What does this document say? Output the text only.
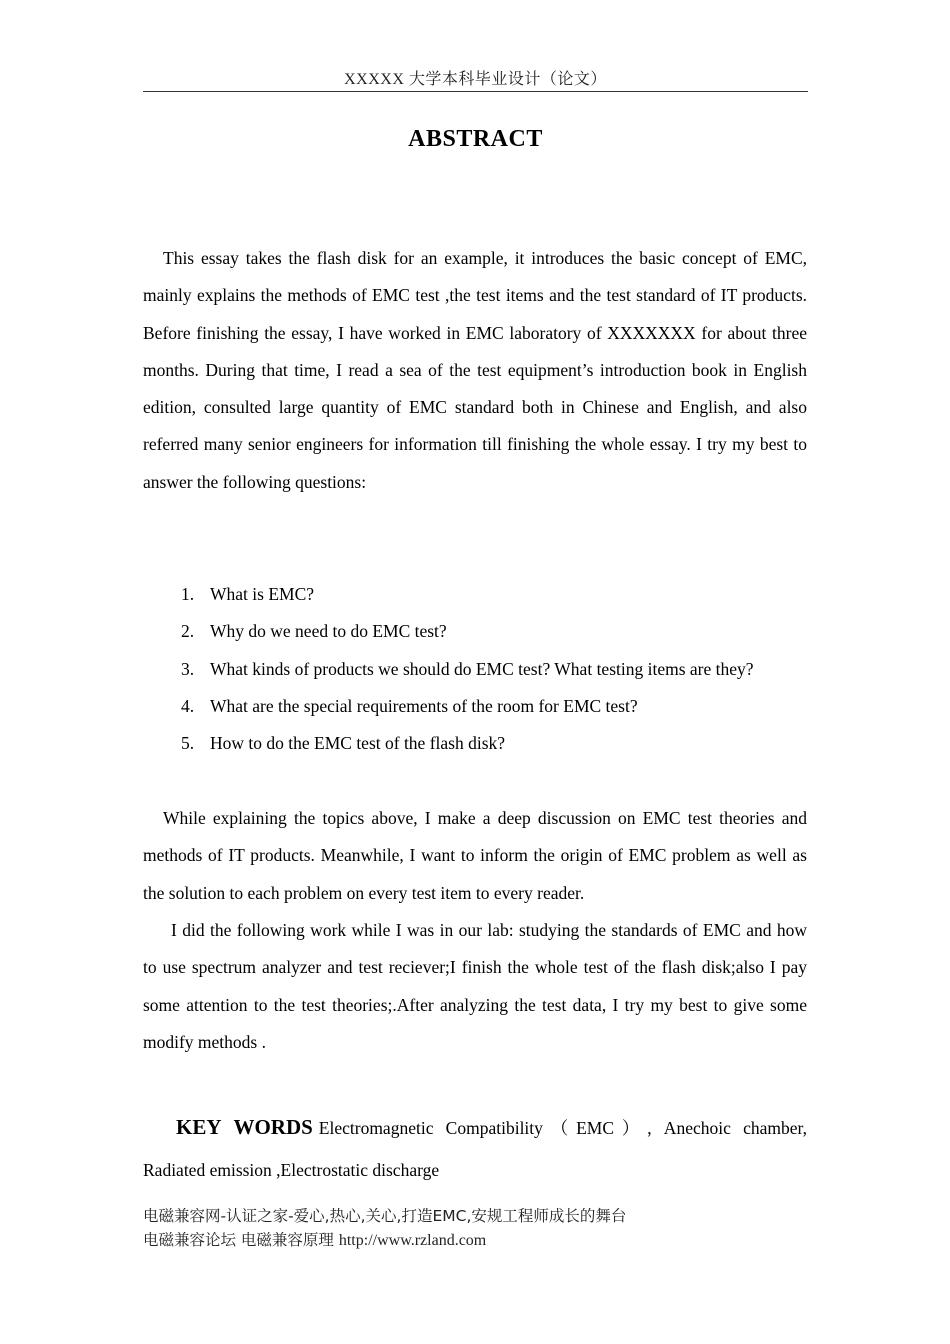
XXXXX 大学本科毕业设计（论文）
ABSTRACT

This essay takes the flash disk for an example, it introduces the basic concept of EMC, mainly explains the methods of EMC test ,the test items and the test standard of IT products. Before finishing the essay, I have worked in EMC laboratory of XXXXXXX for about three months. During that time, I read a sea of the test equipment’s introduction book in English edition, consulted large quantity of EMC standard both in Chinese and English, and also referred many senior engineers for information till finishing the whole essay. I try my best to answer the following questions:

1. What is EMC?
2. Why do we need to do EMC test?
3. What kinds of products we should do EMC test? What testing items are they?
4. What are the special requirements of the room for EMC test?
5. How to do the EMC test of the flash disk?

While explaining the topics above, I make a deep discussion on EMC test theories and methods of IT products. Meanwhile, I want to inform the origin of EMC problem as well as the solution to each problem on every test item to every reader.

I did the following work while I was in our lab: studying the standards of EMC and how to use spectrum analyzer and test reciever;I finish the whole test of the flash disk;also I pay some attention to the test theories;.After analyzing the test data, I try my best to give some modify methods .

KEY WORDS Electromagnetic Compatibility（EMC）, Anechoic chamber, Radiated emission ,Electrostatic discharge

电磁兼容网-认证之家-爱心,热心,关心,打造EMC,安规工程师成长的舞台
电磁兼容论坛 电磁兼容原理 http://www.rzland.com
